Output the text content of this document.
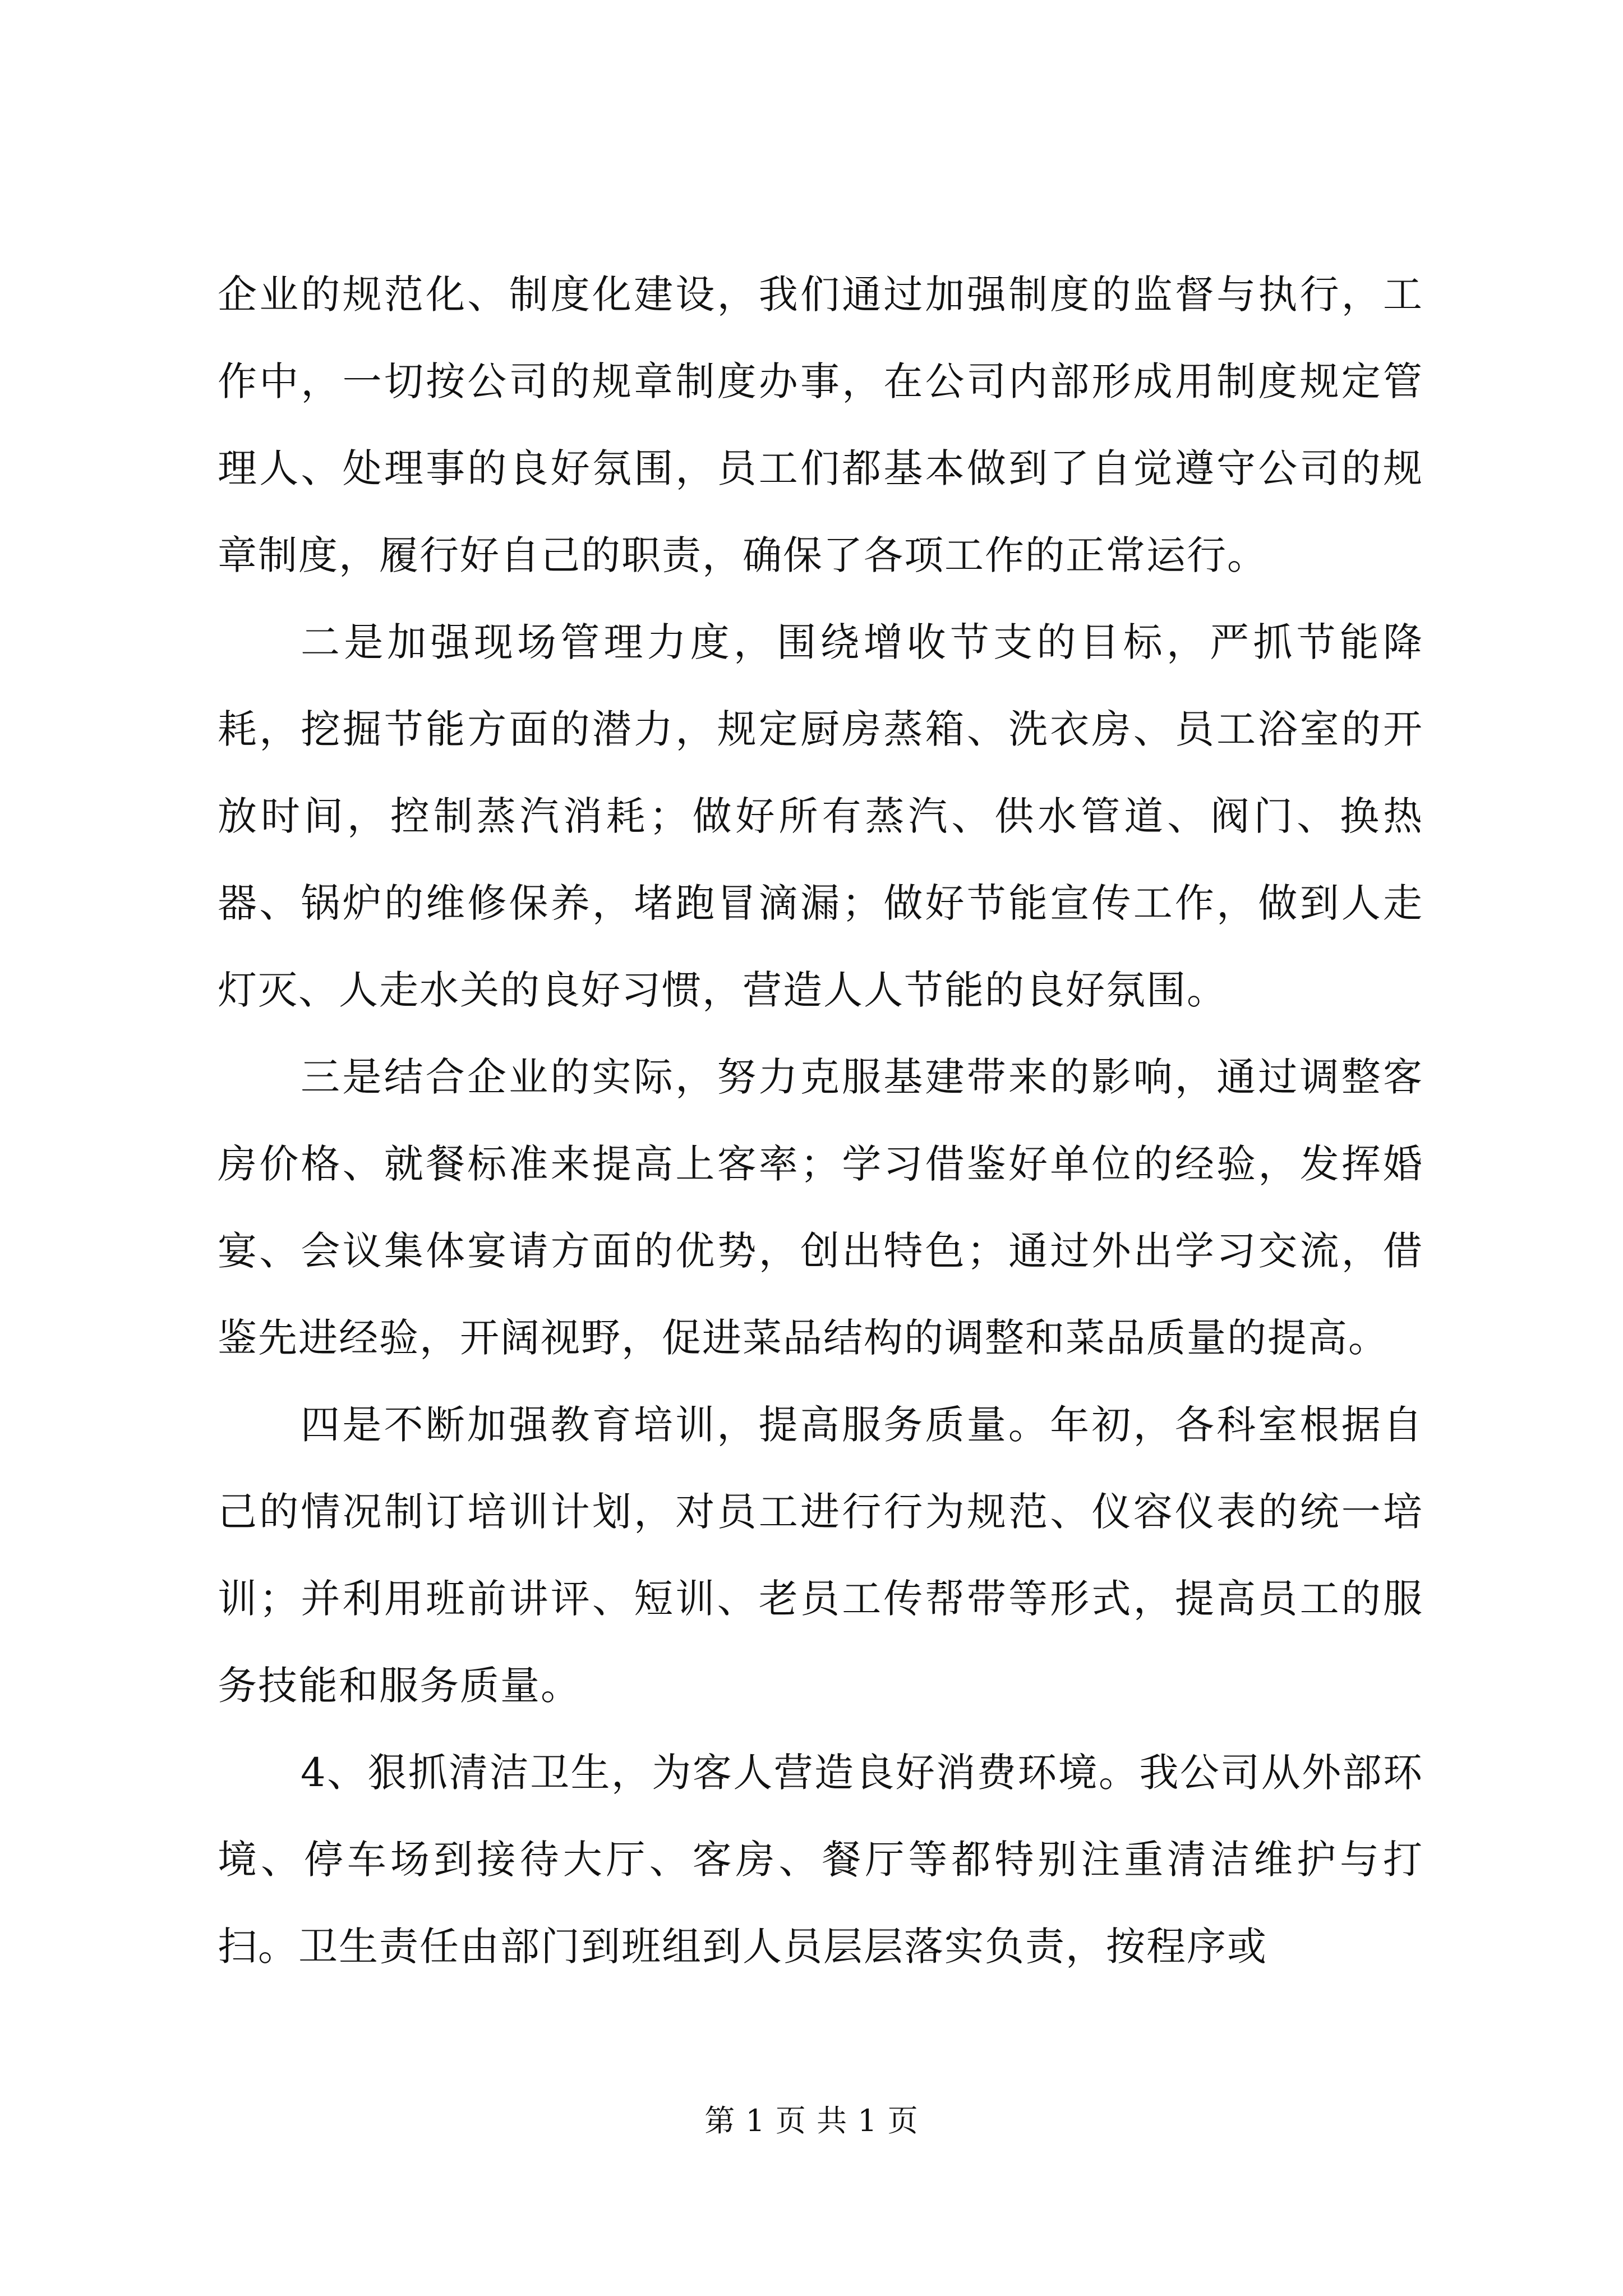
企业的规范化、制度化建设，我们通过加强制度的监督与执行，工作中，一切按公司的规章制度办事，在公司内部形成用制度规定管理人、处理事的良好氛围，员工们都基本做到了自觉遵守公司的规章制度，履行好自己的职责，确保了各项工作的正常运行。

二是加强现场管理力度，围绕增收节支的目标，严抓节能降耗，挖掘节能方面的潜力，规定厨房蒸箱、洗衣房、员工浴室的开放时间，控制蒸汽消耗；做好所有蒸汽、供水管道、阀门、换热器、锅炉的维修保养，堵跑冒滴漏；做好节能宣传工作，做到人走灯灭、人走水关的良好习惯，营造人人节能的良好氛围。

三是结合企业的实际，努力克服基建带来的影响，通过调整客房价格、就餐标准来提高上客率；学习借鉴好单位的经验，发挥婚宴、会议集体宴请方面的优势，创出特色；通过外出学习交流，借鉴先进经验，开阔视野，促进菜品结构的调整和菜品质量的提高。

四是不断加强教育培训，提高服务质量。年初，各科室根据自己的情况制订培训计划，对员工进行行为规范、仪容仪表的统一培训；并利用班前讲评、短训、老员工传帮带等形式，提高员工的服务技能和服务质量。

4、狠抓清洁卫生，为客人营造良好消费环境。我公司从外部环境、停车场到接待大厅、客房、餐厅等都特别注重清洁维护与打扫。卫生责任由部门到班组到人员层层落实负责，按程序或

第 1 页 共 1 页
